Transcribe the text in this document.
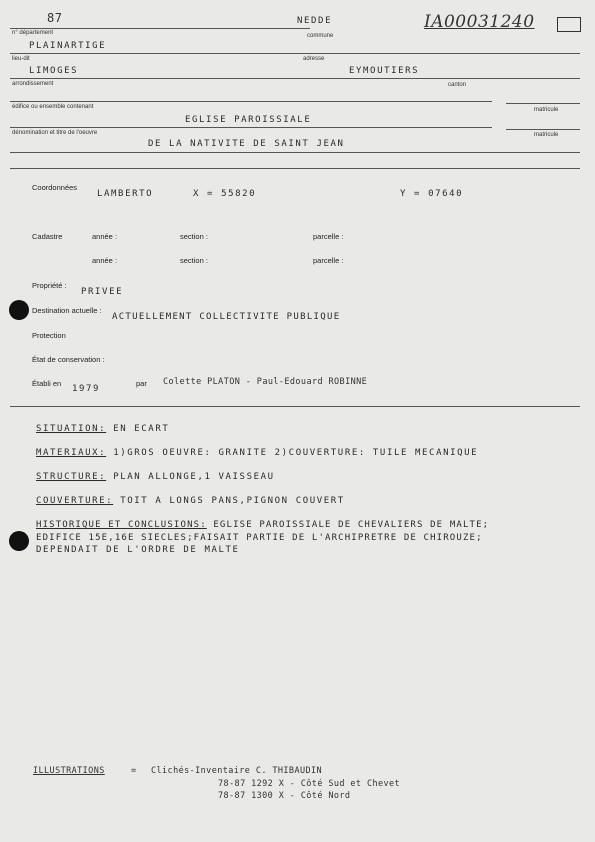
87
n° département
NEDDE
commune
IA00031240
PLAINARTIGE
lieu-dit	adresse
LIMOGES	EYMOUTIERS
arrondissement	canton
édifice ou ensemble contenant	matricule
EGLISE PAROISSIALE
dénomination et titre de l'oeuvre	matricule
DE LA NATIVITE DE SAINT JEAN
Coordonnées
LAMBERTO	X = 55820	Y = 07640
Cadastre	année :	section :	parcelle :
année :	section :	parcelle :
Propriété :
PRIVEE
Destination actuelle :
ACTUELLEMENT COLLECTIVITE PUBLIQUE
Protection
État de conservation :
Établi en
1979
par Colette PLATON - Paul-Edouard ROBINNE
SITUATION: EN ECART
MATERIAUX: 1)GROS OEUVRE: GRANITE 2)COUVERTURE: TUILE MECANIQUE
STRUCTURE: PLAN ALLONGE,1 VAISSEAU
COUVERTURE: TOIT A LONGS PANS,PIGNON COUVERT
HISTORIQUE ET CONCLUSIONS: EGLISE PAROISSIALE DE CHEVALIERS DE MALTE;
EDIFICE 15E,16E SIECLES;FAISAIT PARTIE DE L'ARCHIPRETRE DE CHIROUZE;
DEPENDAIT DE L'ORDRE DE MALTE
ILLUSTRATIONS	= Clichés-Inventaire C. THIBAUDIN
78-87 1292 X - Côté Sud et Chevet
78-87 1300 X - Côté Nord
